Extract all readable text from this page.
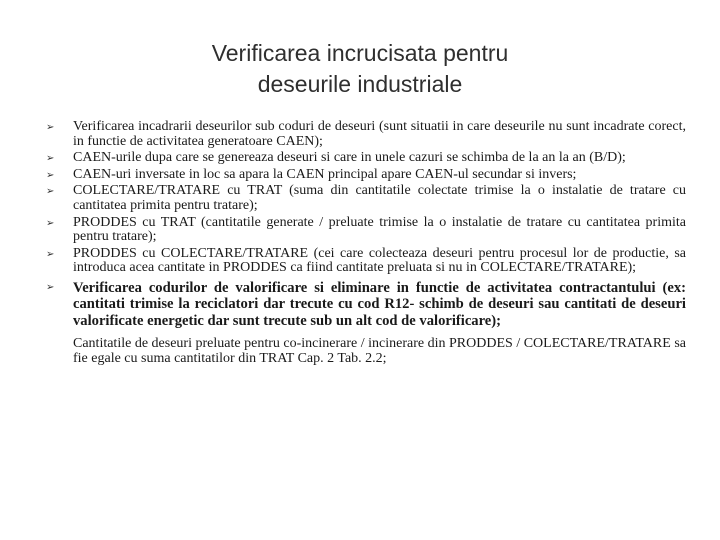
Verificarea incrucisata pentru
deseurile industriale
➢	Verificarea incadrarii deseurilor sub coduri de deseuri (sunt situatii in care deseurile nu sunt incadrate corect, in functie de activitatea generatoare CAEN);
➢	CAEN-urile dupa care se genereaza deseuri si care in unele cazuri se schimba de la an la an (B/D);
➢	CAEN-uri inversate in loc sa apara la CAEN principal apare CAEN-ul secundar si invers;
➢	COLECTARE/TRATARE cu TRAT (suma din cantitatile colectate trimise la o instalatie de tratare cu cantitatea primita pentru tratare);
➢	PRODDES cu TRAT (cantitatile generate / preluate trimise la o instalatie de tratare cu cantitatea primita pentru tratare);
➢	PRODDES cu COLECTARE/TRATARE (cei care colecteaza deseuri pentru procesul lor de productie, sa introduca acea cantitate in PRODDES ca fiind cantitate preluata si nu in COLECTARE/TRATARE);
➢	Verificarea codurilor de valorificare si eliminare in functie de activitatea contractantului (ex: cantitati trimise la reciclatori dar trecute cu cod R12- schimb de deseuri sau cantitati de deseuri valorificate energetic dar sunt trecute sub un alt cod de valorificare);
Cantitatile de deseuri preluate pentru co-incinerare / incinerare din PRODDES / COLECTARE/TRATARE sa fie egale cu suma cantitatilor din TRAT Cap. 2 Tab. 2.2;
